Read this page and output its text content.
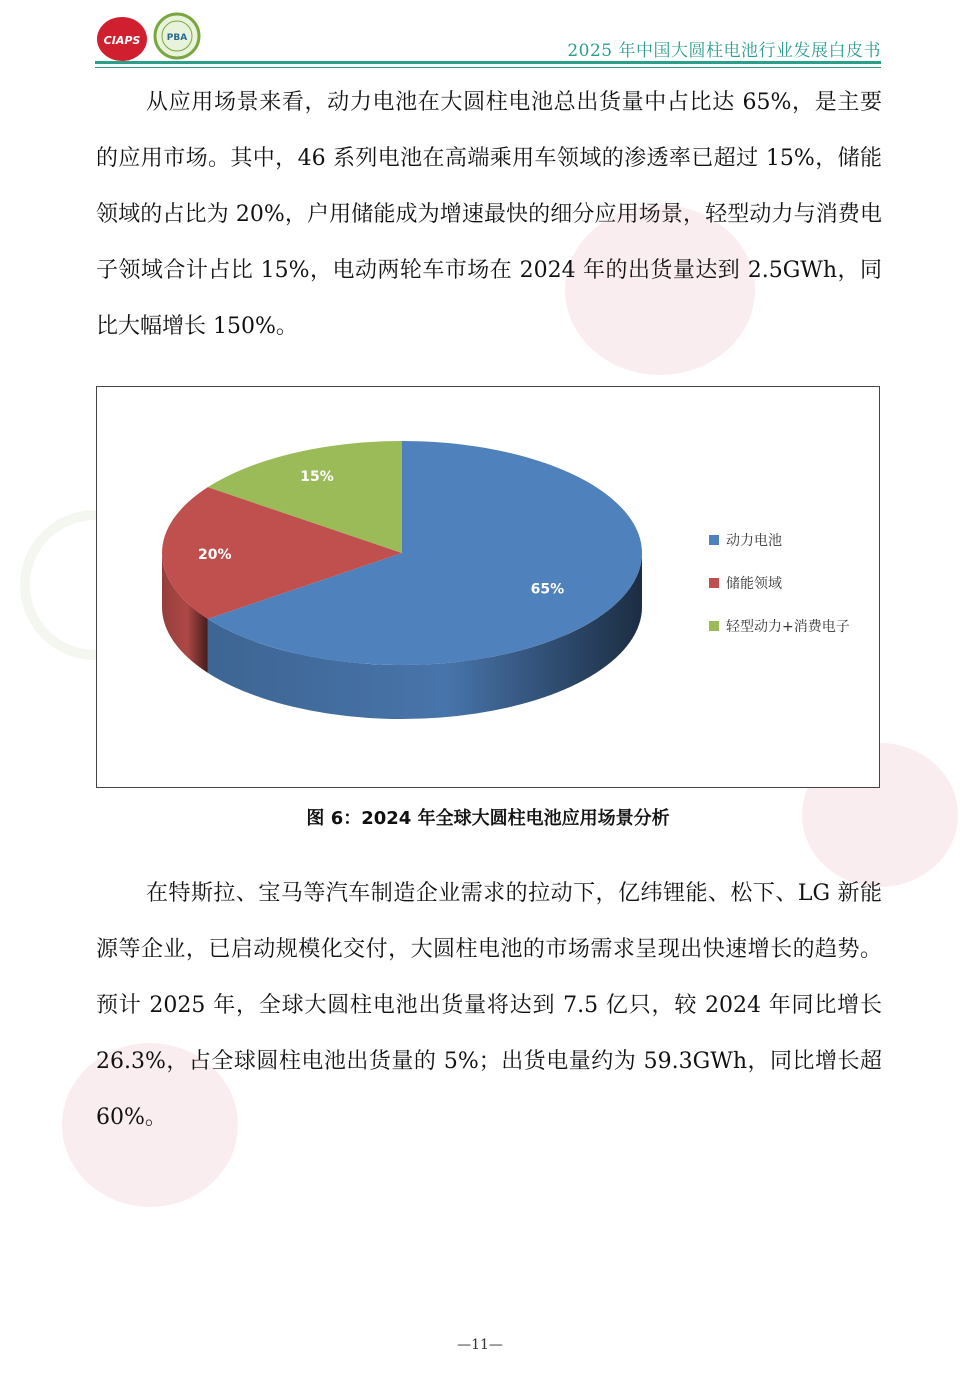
CIAPS	PBA
2025 年中国大圆柱电池行业发展白皮书

从应用场景来看，动力电池在大圆柱电池总出货量中占比达 65%，是主要的应用市场。其中，46 系列电池在高端乘用车领域的渗透率已超过 15%，储能领域的占比为 20%，户用储能成为增速最快的细分应用场景，轻型动力与消费电子领域合计占比 15%，电动两轮车市场在 2024 年的出货量达到 2.5GWh，同比大幅增长 150%。

65%
20%
15%
动力电池
储能领域
轻型动力+消费电子
图 6：2024 年全球大圆柱电池应用场景分析

在特斯拉、宝马等汽车制造企业需求的拉动下，亿纬锂能、松下、LG 新能源等企业，已启动规模化交付，大圆柱电池的市场需求呈现出快速增长的趋势。预计 2025 年，全球大圆柱电池出货量将达到 7.5 亿只，较 2024 年同比增长 26.3%，占全球圆柱电池出货量的 5%；出货电量约为 59.3GWh，同比增长超 60%。

—11—
